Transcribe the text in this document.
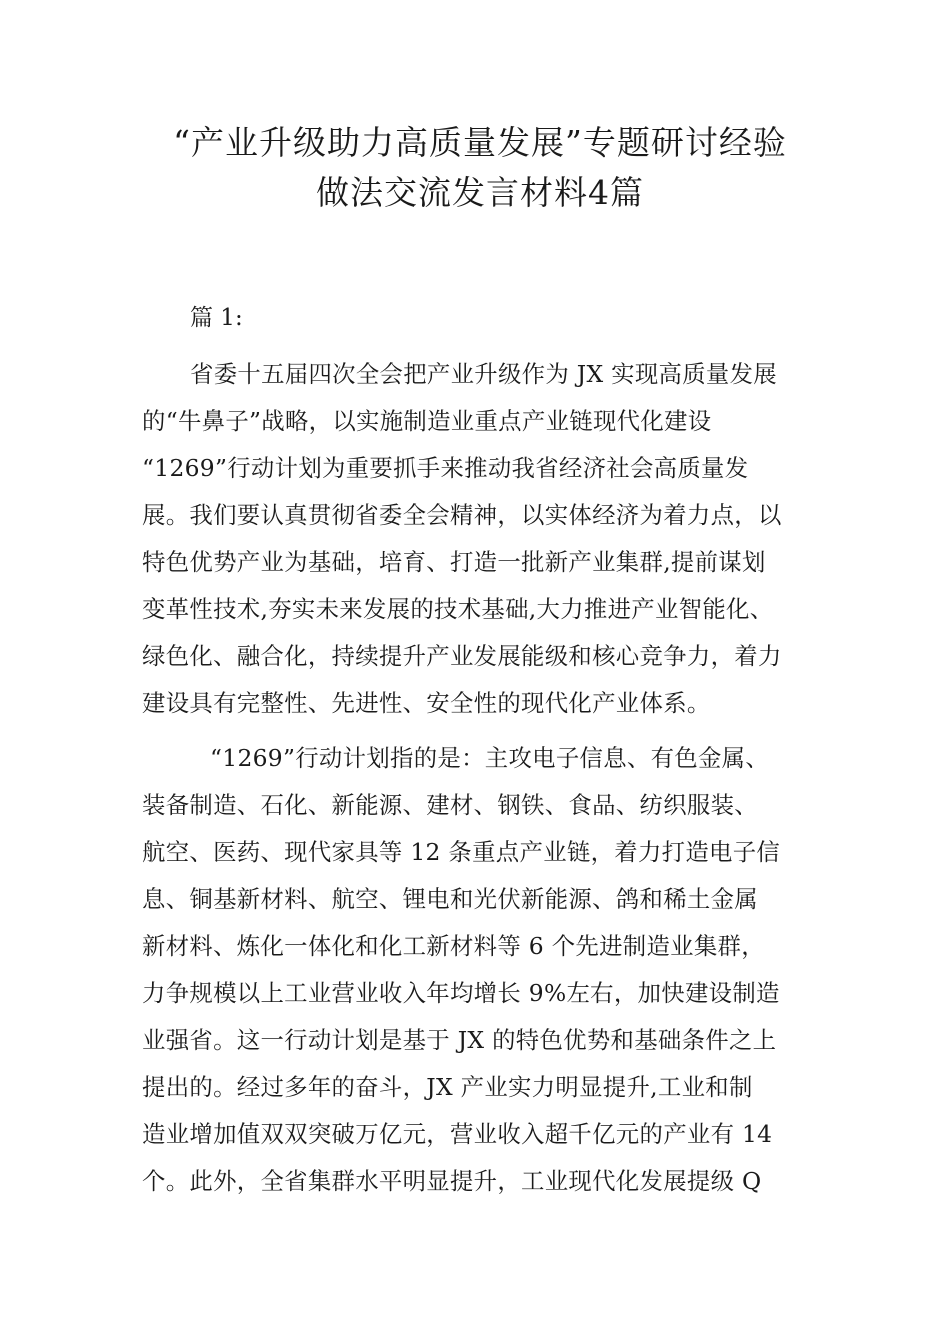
“产业升级助力高质量发展”专题研讨经验
做法交流发言材料4篇
篇 1:
省委十五届四次全会把产业升级作为 JX 实现高质量发展
的“牛鼻子”战略，以实施制造业重点产业链现代化建设
“1269”行动计划为重要抓手来推动我省经济社会高质量发
展。我们要认真贯彻省委全会精神，以实体经济为着力点，以
特色优势产业为基础，培育、打造一批新产业集群,提前谋划
变革性技术,夯实未来发展的技术基础,大力推进产业智能化、
绿色化、融合化，持续提升产业发展能级和核心竞争力，着力
建设具有完整性、先进性、安全性的现代化产业体系。
“1269”行动计划指的是：主攻电子信息、有色金属、
装备制造、石化、新能源、建材、钢铁、食品、纺织服装、
航空、医药、现代家具等 12 条重点产业链，着力打造电子信
息、铜基新材料、航空、锂电和光伏新能源、鸽和稀土金属
新材料、炼化一体化和化工新材料等 6 个先进制造业集群，
力争规模以上工业营业收入年均增长 9%左右，加快建设制造
业强省。这一行动计划是基于 JX 的特色优势和基础条件之上
提出的。经过多年的奋斗，JX 产业实力明显提升,工业和制
造业增加值双双突破万亿元，营业收入超千亿元的产业有 14
个。此外，全省集群水平明显提升，工业现代化发展提级 Q
